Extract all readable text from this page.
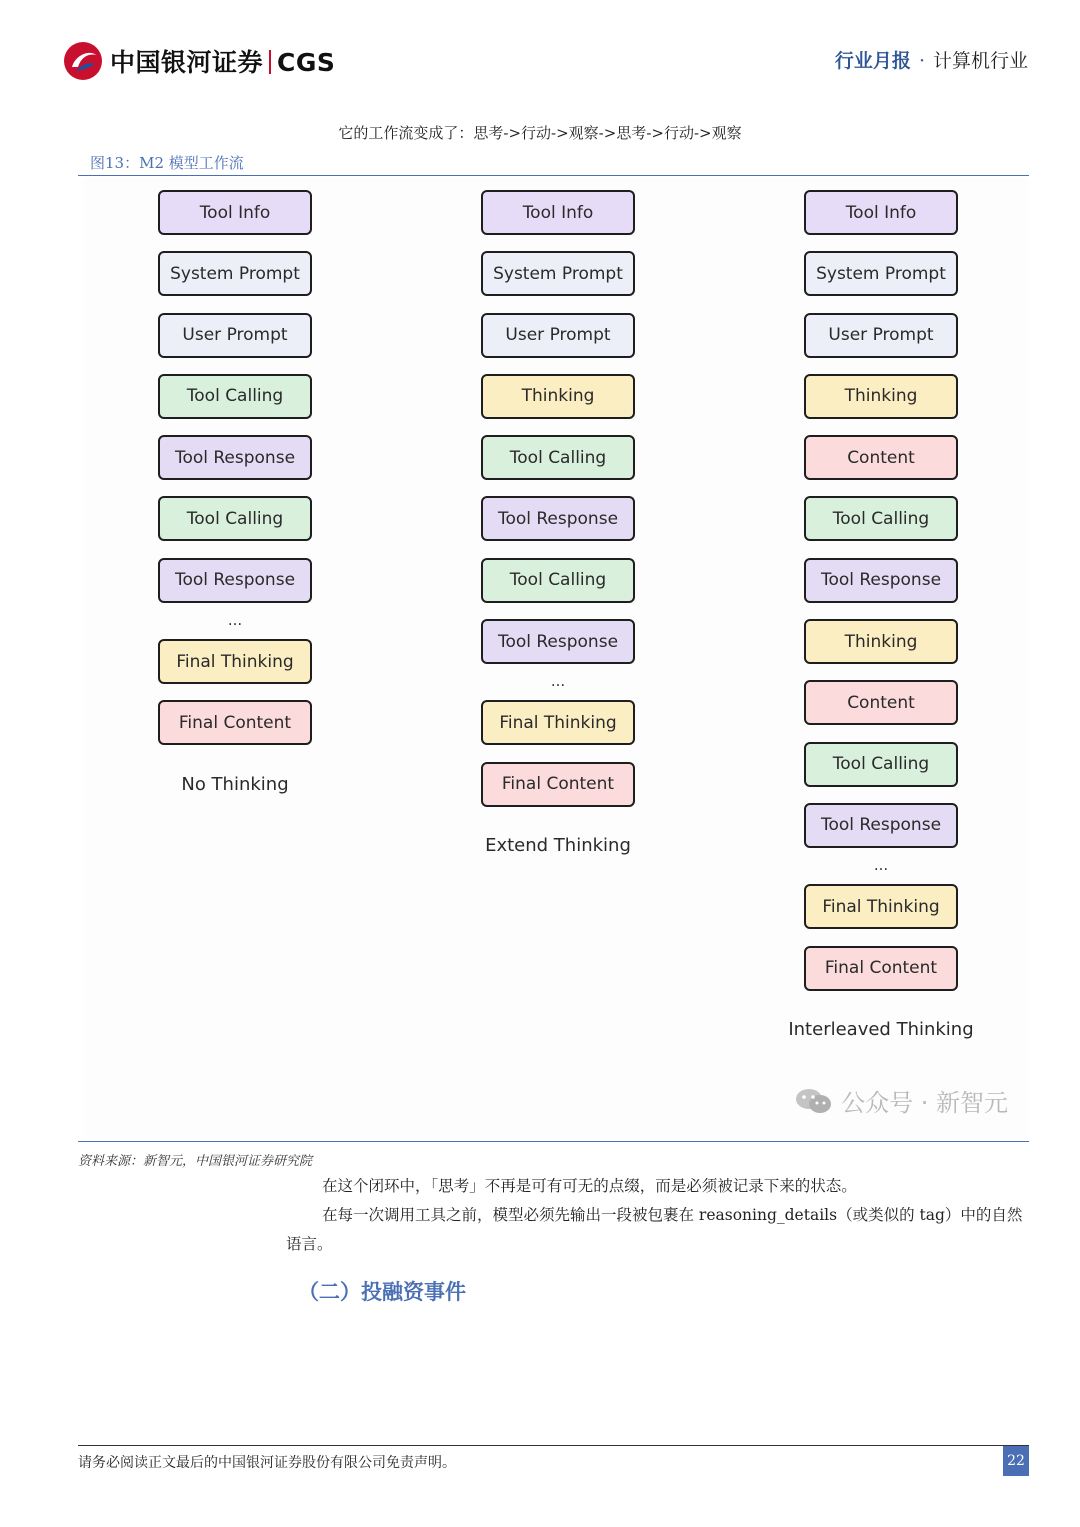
中国银河证券 CGS	行业月报 · 计算机行业
它的工作流变成了：思考->行动->观察->思考->行动->观察
图13：M2 模型工作流
Tool Info
System Prompt
User Prompt
Tool Calling
Tool Response
Tool Calling
Tool Response
...
Final Thinking
Final Content
No Thinking
Tool Info
System Prompt
User Prompt
Thinking
Tool Calling
Tool Response
Tool Calling
Tool Response
...
Final Thinking
Final Content
Extend Thinking
Tool Info
System Prompt
User Prompt
Thinking
Content
Tool Calling
Tool Response
Thinking
Content
Tool Calling
Tool Response
...
Final Thinking
Final Content
Interleaved Thinking
公众号 · 新智元
资料来源：新智元，中国银河证券研究院
在这个闭环中，「思考」不再是可有可无的点缀，而是必须被记录下来的状态。
在每一次调用工具之前，模型必须先输出一段被包裹在 reasoning_details（或类似的 tag）中的自然语言。
（二）投融资事件
请务必阅读正文最后的中国银河证券股份有限公司免责声明。	22
